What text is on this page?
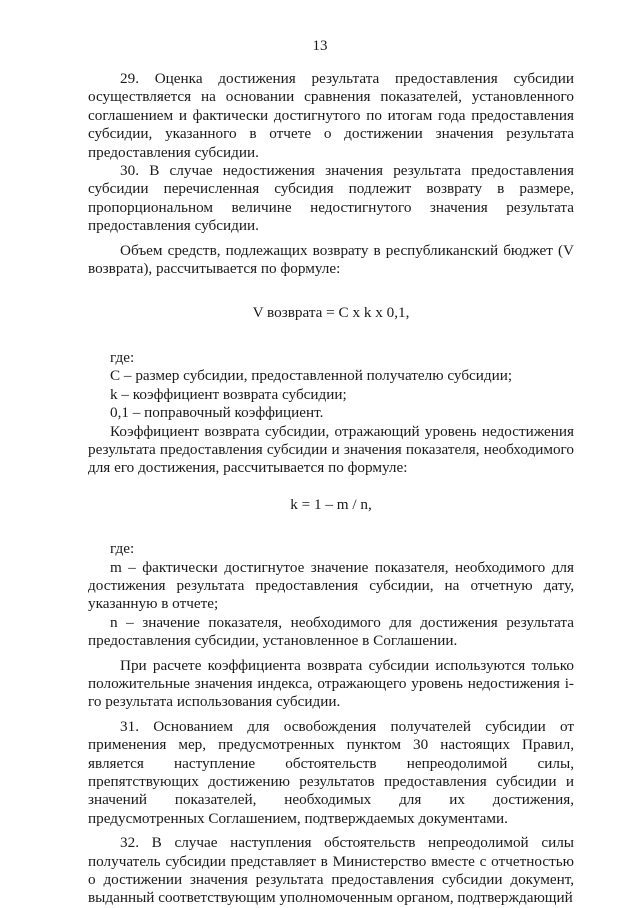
13

29. Оценка достижения результата предоставления субсидии осуществляется на основании сравнения показателей, установленного соглашением и фактически достигнутого по итогам года предоставления субсидии, указанного в отчете о достижении значения результата предоставления субсидии.

30. В случае недостижения значения результата предоставления субсидии перечисленная субсидия подлежит возврату в размере, пропорциональном величине недостигнутого значения результата предоставления субсидии.

Объем средств, подлежащих возврату в республиканский бюджет (V возврата), рассчитывается по формуле:

V возврата = C x k x 0,1,

где:

C – размер субсидии, предоставленной получателю субсидии;

k – коэффициент возврата субсидии;

0,1 – поправочный коэффициент.

Коэффициент возврата субсидии, отражающий уровень недостижения результата предоставления субсидии и значения показателя, необходимого для его достижения, рассчитывается по формуле:

k = 1 – m / n,

где:

m – фактически достигнутое значение показателя, необходимого для достижения результата предоставления субсидии, на отчетную дату, указанную в отчете;

n – значение показателя, необходимого для достижения результата предоставления субсидии, установленное в Соглашении.

При расчете коэффициента возврата субсидии используются только положительные значения индекса, отражающего уровень недостижения i-го результата использования субсидии.

31. Основанием для освобождения получателей субсидии от применения мер, предусмотренных пунктом 30 настоящих Правил, является наступление обстоятельств непреодолимой силы, препятствующих достижению результатов предоставления субсидии и значений показателей, необходимых для их достижения, предусмотренных Соглашением, подтверждаемых документами.

32. В случае наступления обстоятельств непреодолимой силы получатель субсидии представляет в Министерство вместе с отчетностью о достижении значения результата предоставления субсидии документ, выданный соответствующим уполномоченным органом, подтверждающий
